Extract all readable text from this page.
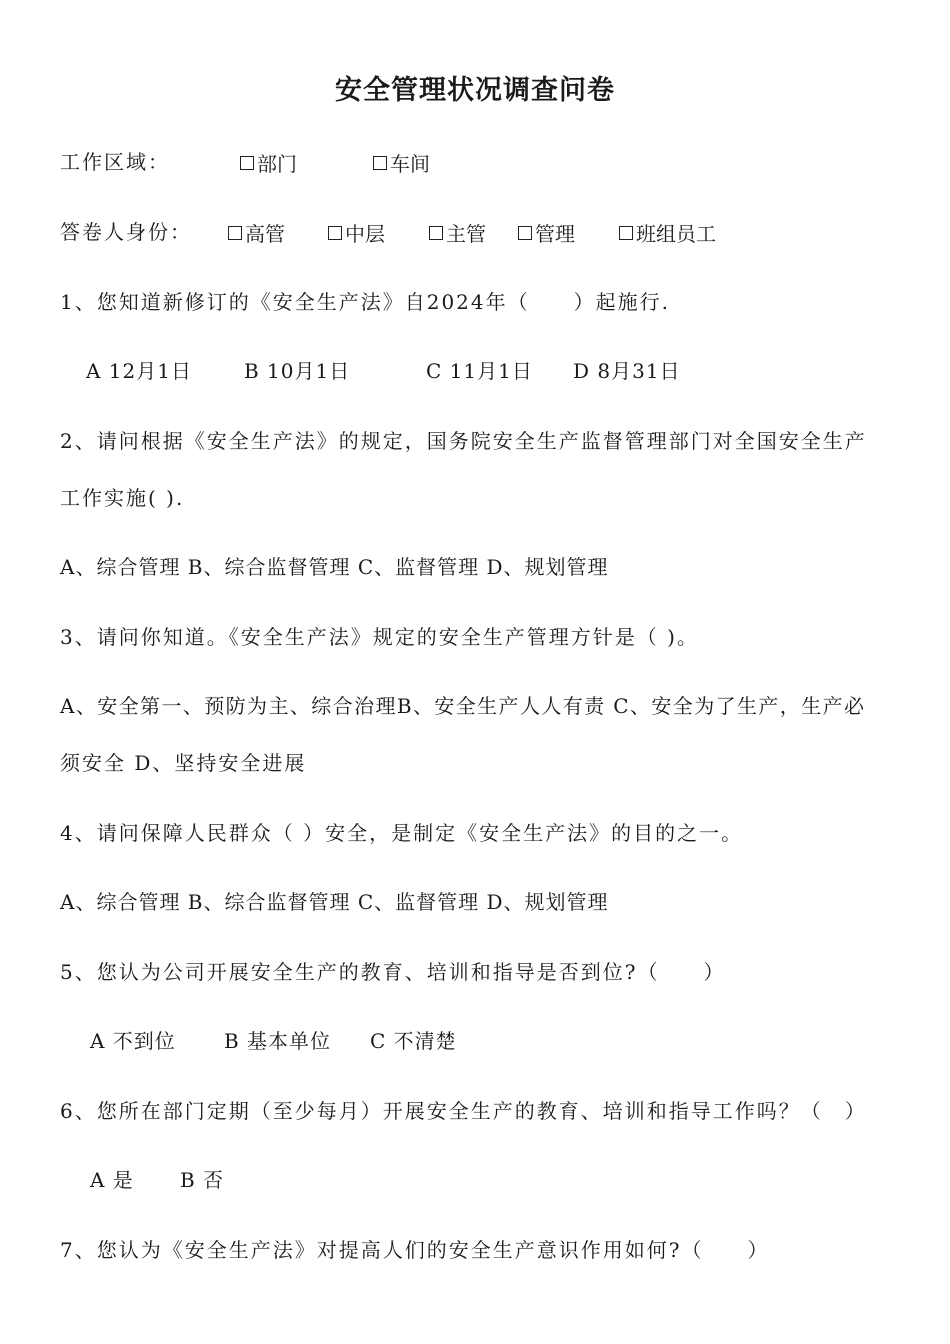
安全管理状况调查问卷
工作区域：	部门	车间
答卷人身份：	高管	中层	主管 管理	班组员工
1、您知道新修订的《安全生产法》自2024年（　　）起施行.
A 12月1日	B 10月1日	C 11月1日 D 8月31日
2、请问根据《安全生产法》的规定，国务院安全生产监督管理部门对全国安全生产
工作实施( ).
A、综合管理 B、综合监督管理 C、监督管理 D、规划管理
3、请问你知道。《安全生产法》规定的安全生产管理方针是（ )。
A、安全第一、预防为主、综合治理B、安全生产人人有责 C、安全为了生产，生产必
须安全 D、坚持安全进展
4、请问保障人民群众（ ）安全，是制定《安全生产法》的目的之一。
A、综合管理 B、综合监督管理 C、监督管理 D、规划管理
5、您认为公司开展安全生产的教育、培训和指导是否到位?（　　）
A 不到位 B 基本单位 C 不清楚
6、您所在部门定期（至少每月）开展安全生产的教育、培训和指导工作吗？（　）
A 是 B 否
7、您认为《安全生产法》对提高人们的安全生产意识作用如何?（　　）
